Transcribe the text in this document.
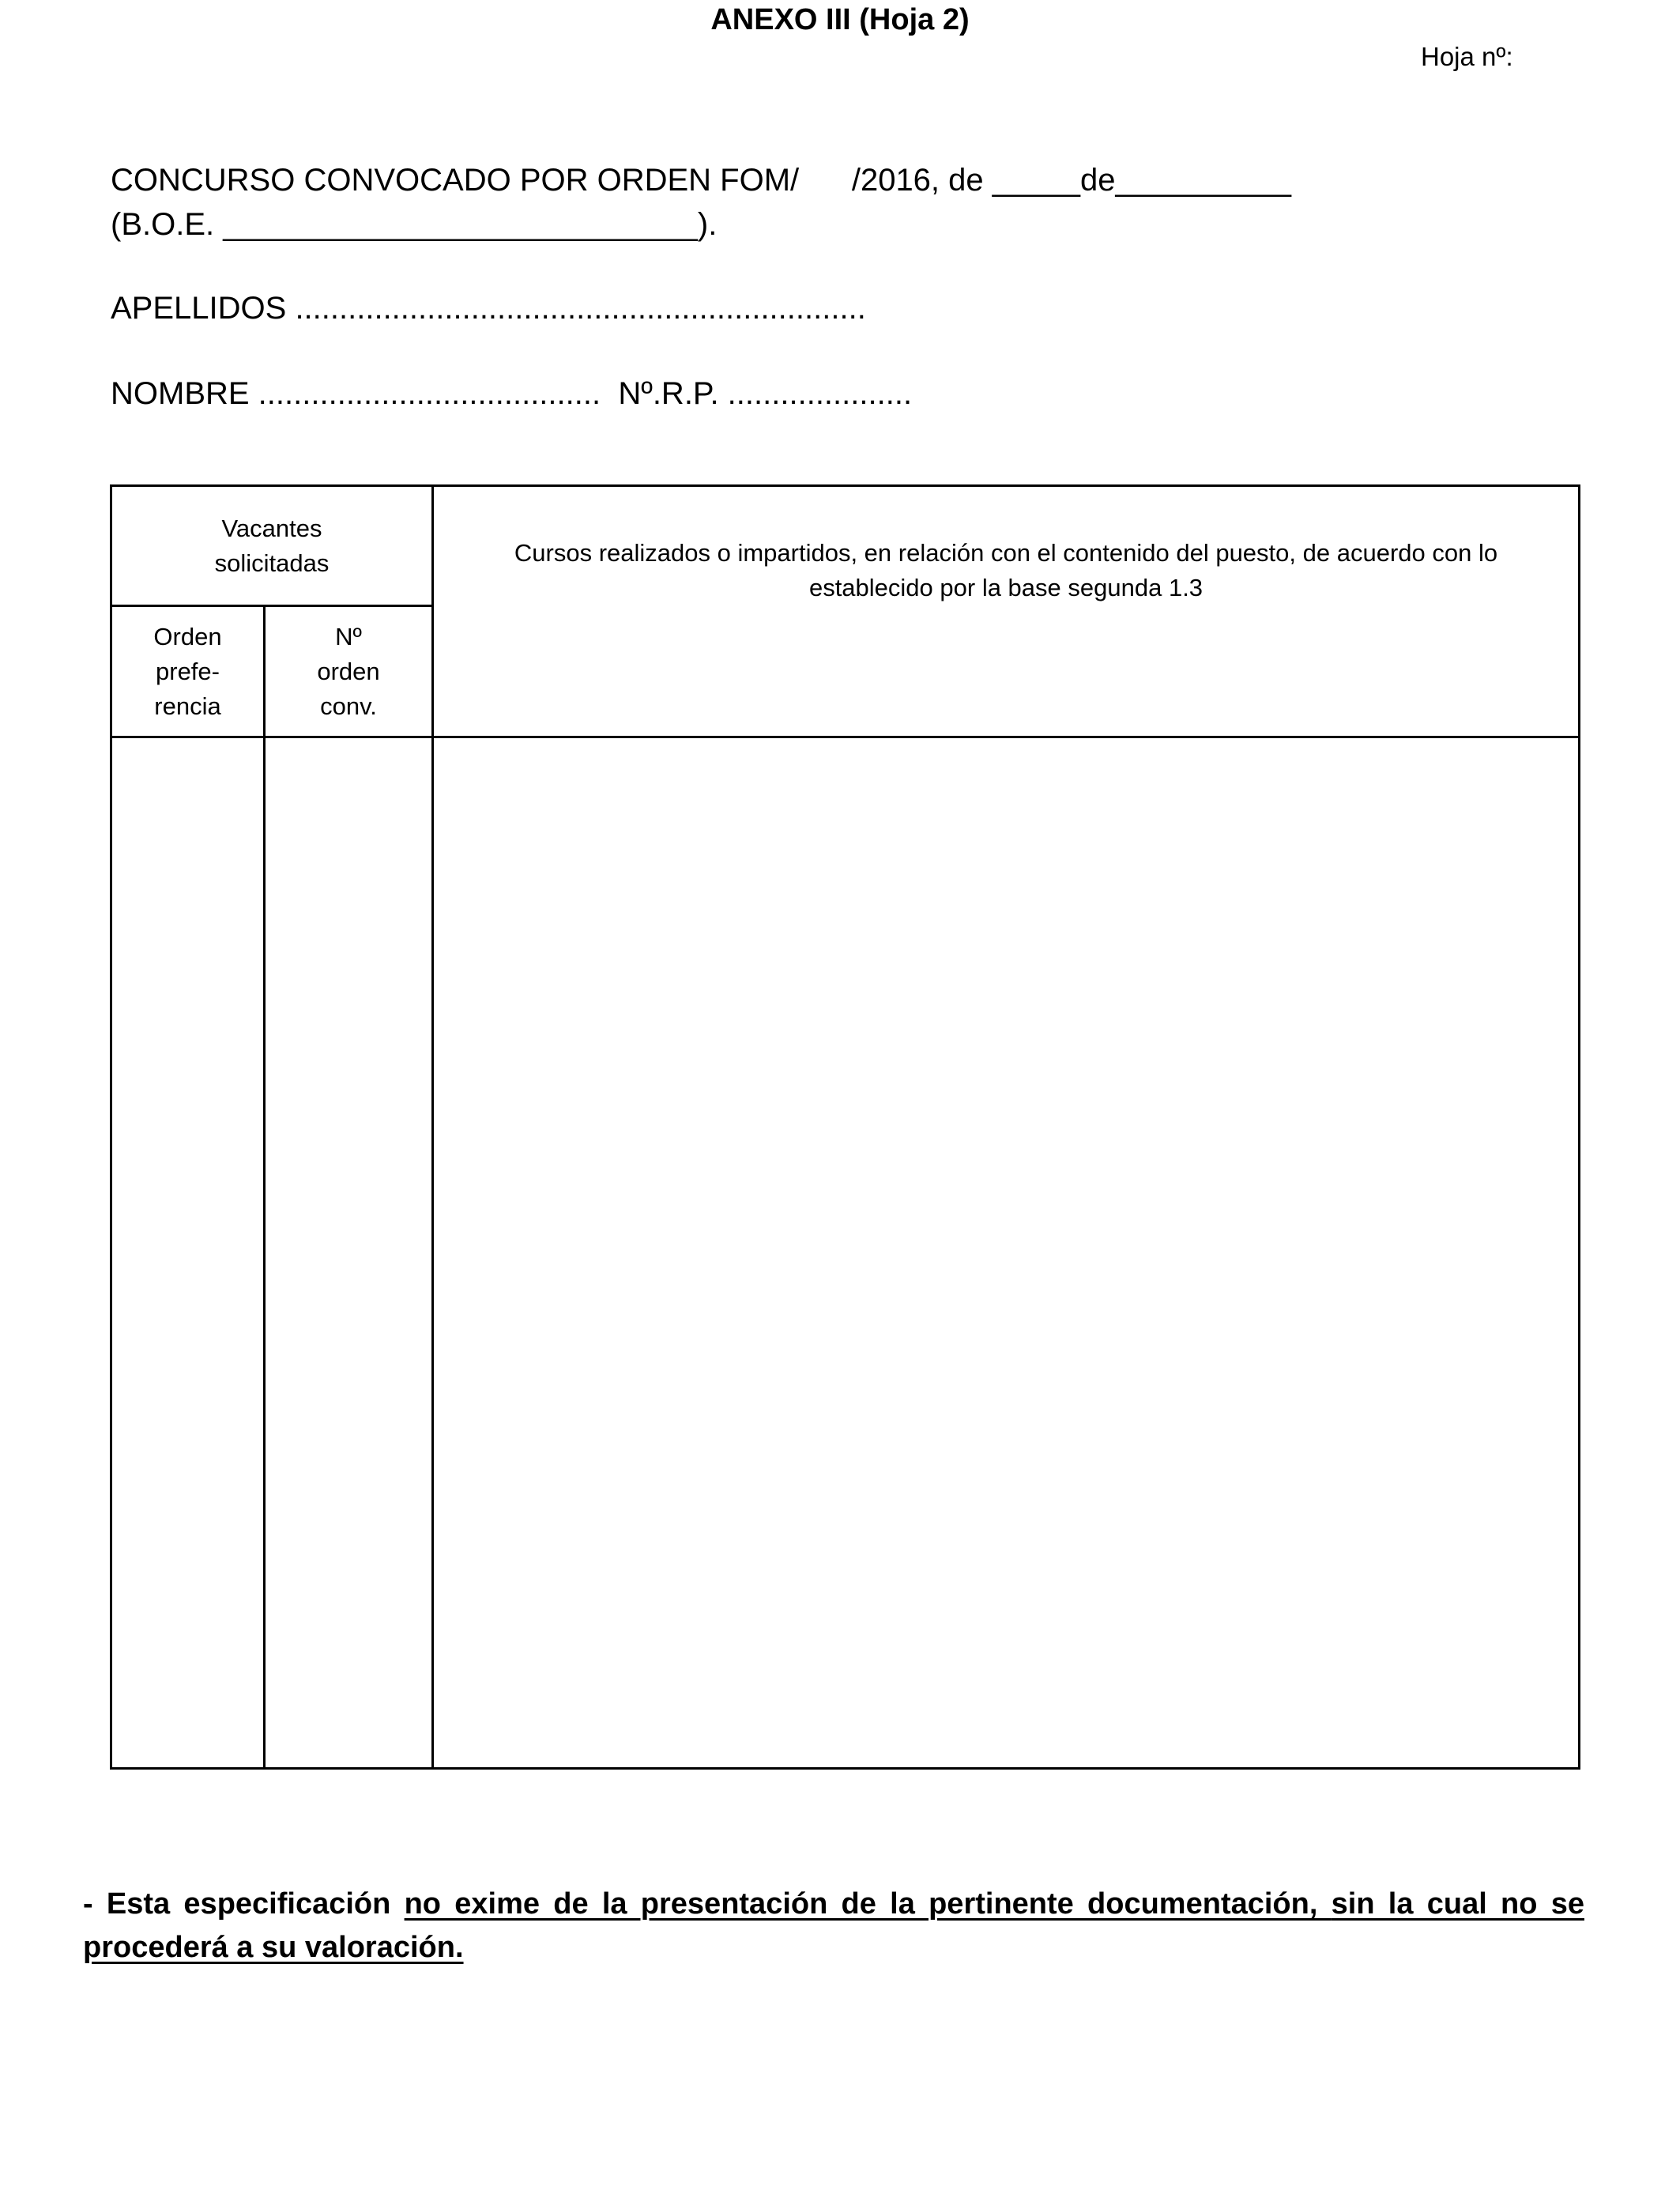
ANEXO III (Hoja 2)
Hoja nº:
CONCURSO CONVOCADO POR ORDEN FOM/      /2016, de _____de__________
(B.O.E. ___________________________).
APELLIDOS .................................................................
NOMBRE .......................................  Nº.R.P. .....................
Vacantes solicitadas		Cursos realizados o impartidos, en relación con el contenido del puesto, de acuerdo con lo establecido por la base segunda 1.3

Orden prefe- rencia	Nº orden conv.	

- Esta especificación no exime de la presentación de la pertinente documentación, sin la cual no se procederá a su valoración.
